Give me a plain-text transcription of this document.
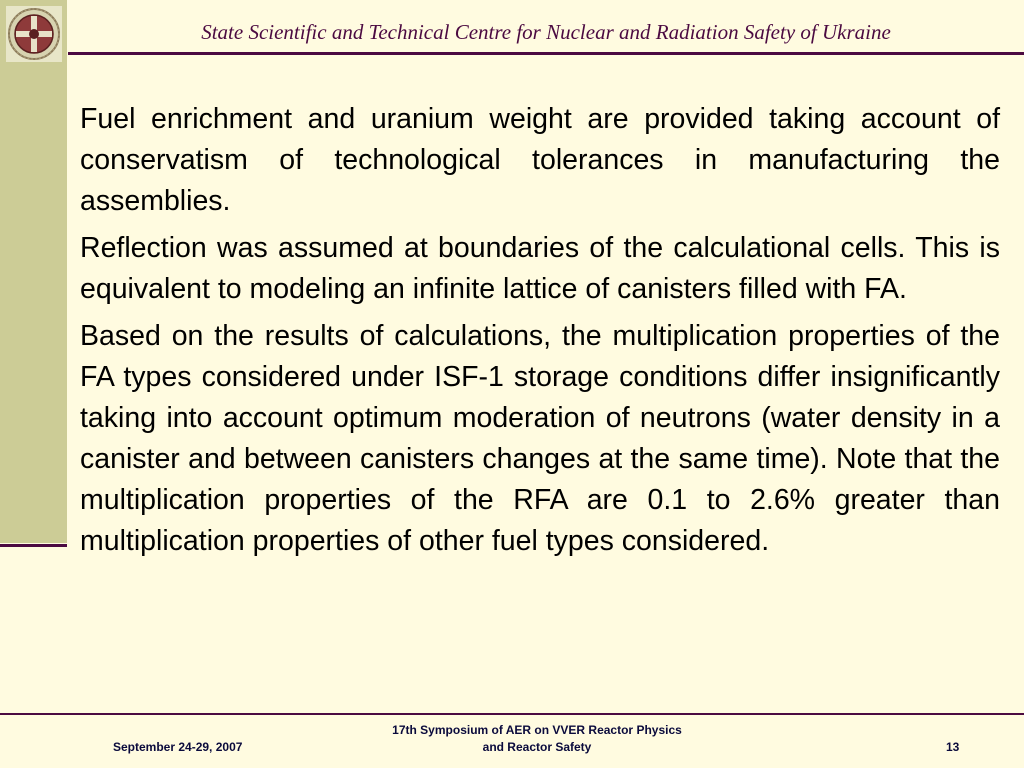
State Scientific and Technical Centre for Nuclear and Radiation Safety of Ukraine

Fuel enrichment and uranium weight are provided taking account of conservatism of technological tolerances in manufacturing the assemblies.

Reflection was assumed at boundaries of the calculational cells. This is equivalent to modeling an infinite lattice of canisters filled with FA.

Based on the results of calculations, the multiplication properties of the FA types considered under ISF-1 storage conditions differ insignificantly taking into account optimum moderation of neutrons (water density in a canister and between canisters changes at the same time). Note that the multiplication properties of the RFA are 0.1 to 2.6% greater than multiplication properties of other fuel types considered.

September 24-29, 2007
17th Symposium of AER on VVER Reactor Physics
and Reactor Safety	13
